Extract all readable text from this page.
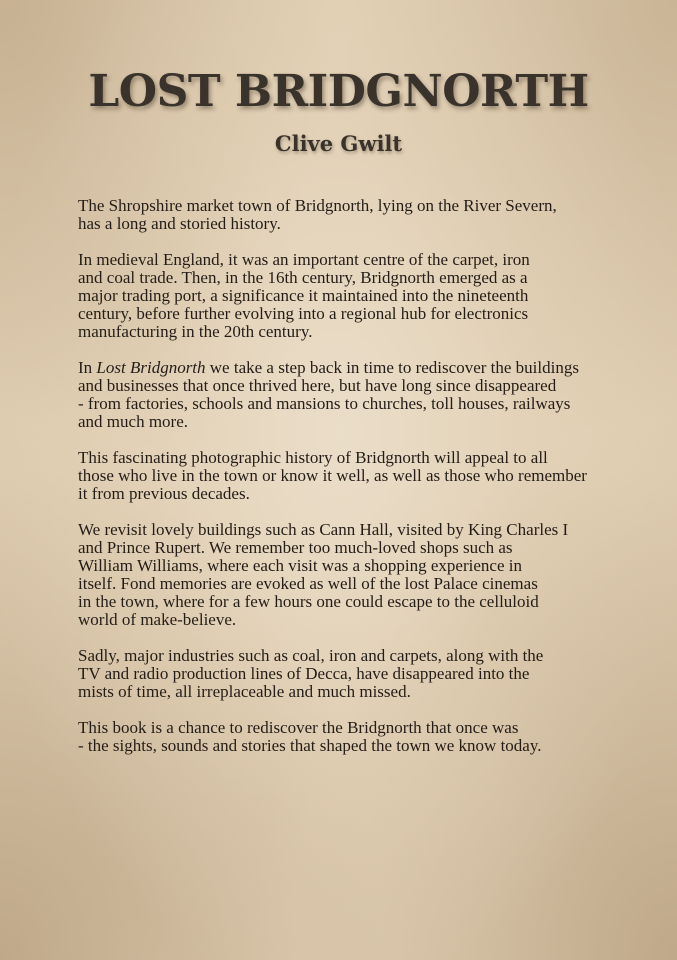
LOST BRIDGNORTH
Clive Gwilt

The Shropshire market town of Bridgnorth, lying on the River Severn,
has a long and storied history.

In medieval England, it was an important centre of the carpet, iron
and coal trade. Then, in the 16th century, Bridgnorth emerged as a
major trading port, a significance it maintained into the nineteenth
century, before further evolving into a regional hub for electronics
manufacturing in the 20th century.

In Lost Bridgnorth we take a step back in time to rediscover the buildings
and businesses that once thrived here, but have long since disappeared
- from factories, schools and mansions to churches, toll houses, railways
and much more.

This fascinating photographic history of Bridgnorth will appeal to all
those who live in the town or know it well, as well as those who remember
it from previous decades.

We revisit lovely buildings such as Cann Hall, visited by King Charles I
and Prince Rupert. We remember too much-loved shops such as
William Williams, where each visit was a shopping experience in
itself. Fond memories are evoked as well of the lost Palace cinemas
in the town, where for a few hours one could escape to the celluloid
world of make-believe.

Sadly, major industries such as coal, iron and carpets, along with the
TV and radio production lines of Decca, have disappeared into the
mists of time, all irreplaceable and much missed.

This book is a chance to rediscover the Bridgnorth that once was
- the sights, sounds and stories that shaped the town we know today.
